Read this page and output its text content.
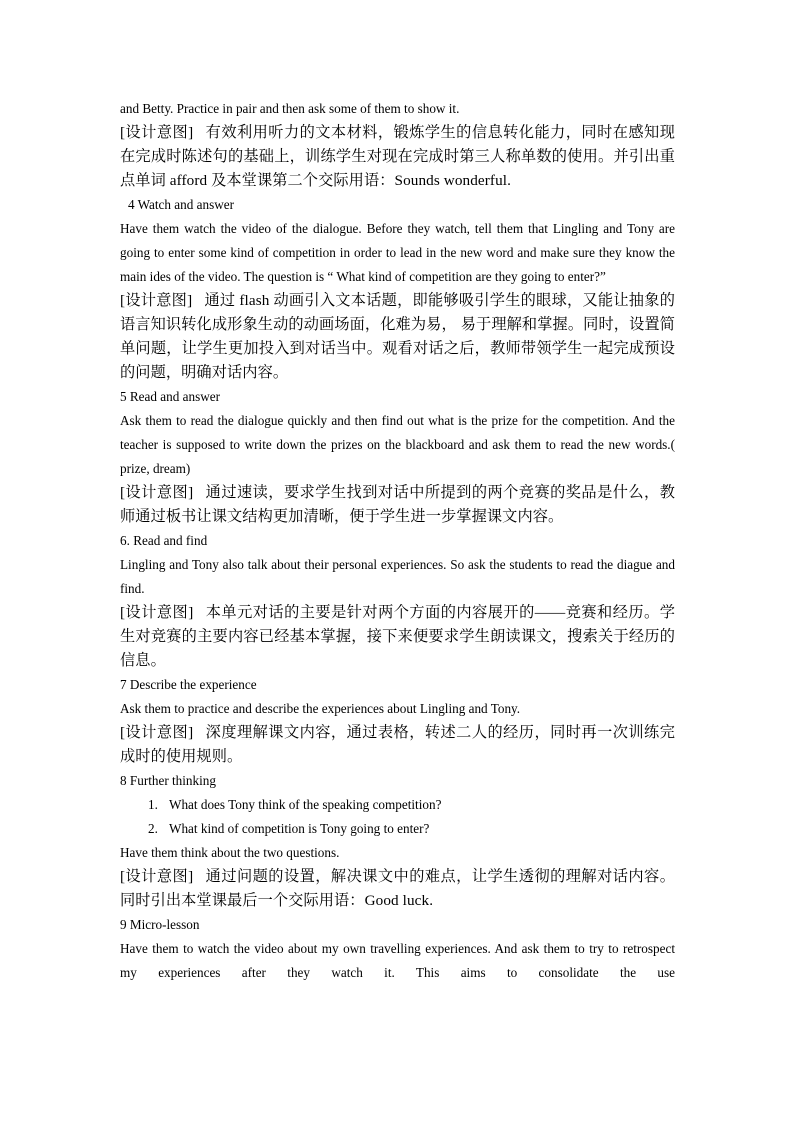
and Betty. Practice in pair and then ask some of them to show it.

[设计意图] 有效利用听力的文本材料，锻炼学生的信息转化能力，同时在感知现在完成时陈述句的基础上，训练学生对现在完成时第三人称单数的使用。并引出重点单词 afford 及本堂课第二个交际用语：Sounds wonderful.

4 Watch and answer

Have them watch the video of the dialogue. Before they watch, tell them that Lingling and Tony are going to enter some kind of competition in order to lead in the new word and make sure they know the main ides of the video. The question is “ What kind of competition are they going to enter?”

[设计意图] 通过 flash 动画引入文本话题，即能够吸引学生的眼球，又能让抽象的语言知识转化成形象生动的动画场面，化难为易， 易于理解和掌握。同时，设置简单问题，让学生更加投入到对话当中。观看对话之后，教师带领学生一起完成预设的问题，明确对话内容。

5 Read and answer

Ask them to read the dialogue quickly and then find out what is the prize for the competition. And the teacher is supposed to write down the prizes on the blackboard and ask them to read the new words.( prize, dream)

[设计意图] 通过速读，要求学生找到对话中所提到的两个竞赛的奖品是什么，教师通过板书让课文结构更加清晰，便于学生进一步掌握课文内容。

6. Read and find

Lingling and Tony also talk about their personal experiences. So ask the students to read the diague and find.

[设计意图] 本单元对话的主要是针对两个方面的内容展开的——竞赛和经历。学生对竞赛的主要内容已经基本掌握，接下来便要求学生朗读课文，搜索关于经历的信息。

7 Describe the experience

Ask them to practice and describe the experiences about Lingling and Tony.

[设计意图] 深度理解课文内容，通过表格，转述二人的经历，同时再一次训练完成时的使用规则。

8 Further thinking

1. What does Tony think of the speaking competition?

2. What kind of competition is Tony going to enter?

Have them think about the two questions.

[设计意图] 通过问题的设置，解决课文中的难点，让学生透彻的理解对话内容。同时引出本堂课最后一个交际用语：Good luck.

9 Micro-lesson

Have them to watch the video about my own travelling experiences. And ask them to try to retrospect my experiences after they watch it. This aims to consolidate the use
